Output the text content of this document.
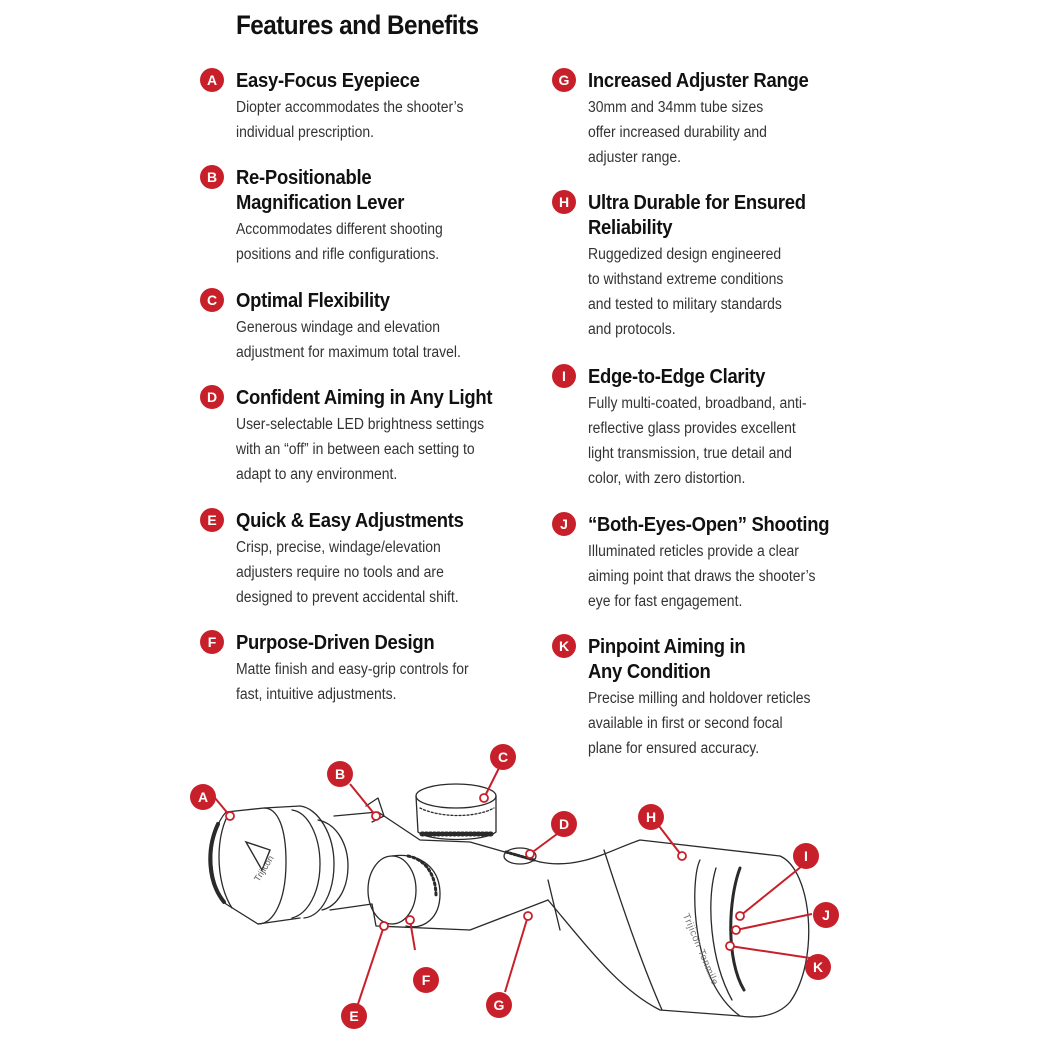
Features and Benefits
A Easy-Focus Eyepiece

Diopter accommodates the shooter’s
individual prescription.

B Re-Positionable
Magnification Lever

Accommodates different shooting
positions and rifle configurations.

C Optimal Flexibility

Generous windage and elevation
adjustment for maximum total travel.

D Confident Aiming in Any Light

User-selectable LED brightness settings
with an “off” in between each setting to
adapt to any environment.

E Quick & Easy Adjustments

Crisp, precise, windage/elevation
adjusters require no tools and are
designed to prevent accidental shift.

F Purpose-Driven Design

Matte finish and easy-grip controls for
fast, intuitive adjustments.

G Increased Adjuster Range

30mm and 34mm tube sizes
offer increased durability and
adjuster range.

H Ultra Durable for Ensured
Reliability

Ruggedized design engineered
to withstand extreme conditions
and tested to military standards
and protocols.

I	Edge-to-Edge Clarity

Fully multi-coated, broadband, anti-
reflective glass provides excellent
light transmission, true detail and
color, with zero distortion.

J “Both-Eyes-Open” Shooting

Illuminated reticles provide a clear
aiming point that draws the shooter’s
eye for fast engagement.

K Pinpoint Aiming in
Any Condition

Precise milling and holdover reticles
available in first or second focal
plane for ensured accuracy.

Trijicon
Trijicon Tenmile
A
B
C
D	H
I
J
K
F
E
G
